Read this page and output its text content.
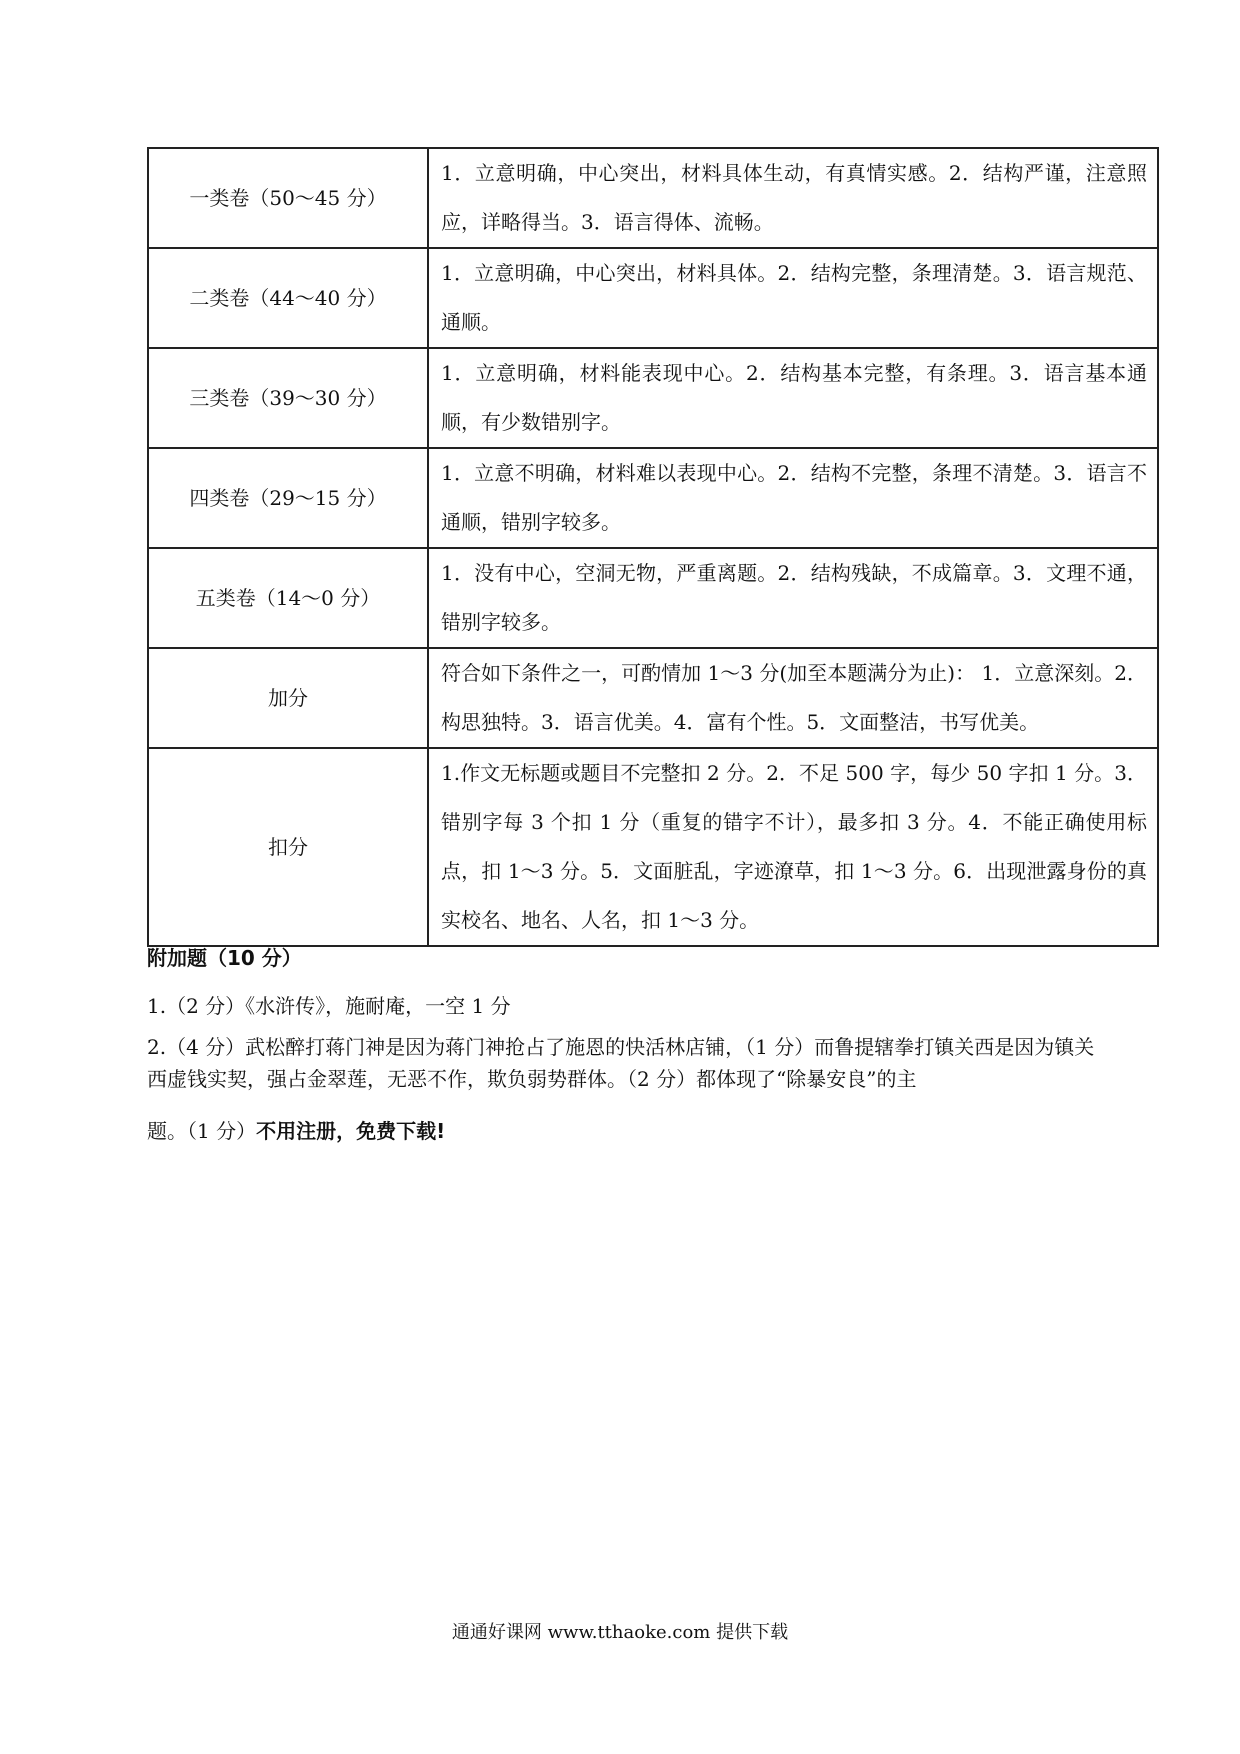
一类卷（50～45 分）	1．立意明确，中心突出，材料具体生动，有真情实感。2．结构严谨，注意照应，详略得当。3．语言得体、流畅。
二类卷（44～40 分）	1．立意明确，中心突出，材料具体。2．结构完整，条理清楚。3．语言规范、通顺。
三类卷（39～30 分）	1．立意明确，材料能表现中心。2．结构基本完整，有条理。3．语言基本通顺，有少数错别字。
四类卷（29～15 分）	1．立意不明确，材料难以表现中心。2．结构不完整，条理不清楚。3．语言不通顺，错别字较多。
五类卷（14～0 分）	1．没有中心，空洞无物，严重离题。2．结构残缺，不成篇章。3．文理不通，错别字较多。
加分	符合如下条件之一，可酌情加 1～3 分(加至本题满分为止)： 1．立意深刻。2．构思独特。3．语言优美。4．富有个性。5．文面整洁，书写优美。
扣分	1.作文无标题或题目不完整扣 2 分。2．不足 500 字，每少 50 字扣 1 分。3．错别字每 3 个扣 1 分（重复的错字不计），最多扣 3 分。4．不能正确使用标点，扣 1～3 分。5．文面脏乱，字迹潦草，扣 1～3 分。6．出现泄露身份的真实校名、地名、人名，扣 1～3 分。
附加题（10 分）
1.（2 分）《水浒传》，施耐庵，一空 1 分
2.（4 分）武松醉打蒋门神是因为蒋门神抢占了施恩的快活林店铺，（1 分）而鲁提辖拳打镇关西是因为镇关西虚钱实契，强占金翠莲，无恶不作，欺负弱势群体。（2 分）都体现了“除暴安良”的主
题。（1 分）不用注册，免费下载!
通通好课网 www.tthaoke.com 提供下载
